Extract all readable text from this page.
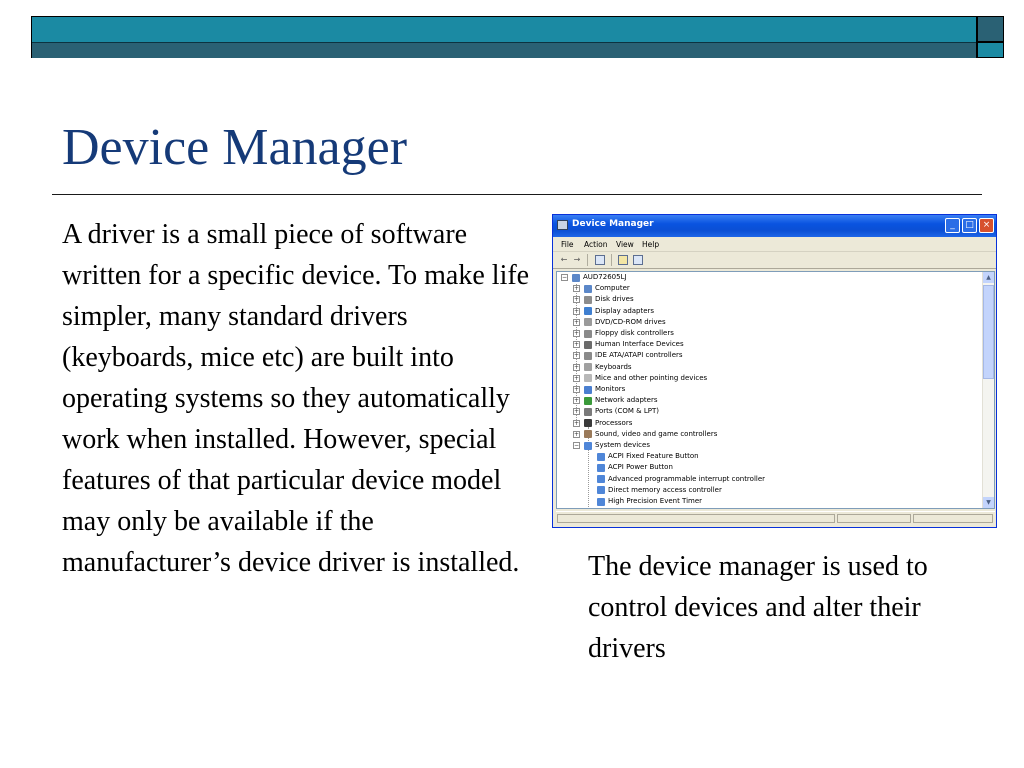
Device Manager

A driver is a small piece of software written for a specific device. To make life simpler, many standard drivers (keyboards, mice etc) are built into operating systems so they automatically work when installed. However, special features of that particular device model may only be available if the manufacturer’s device driver is installed.

Device Manager	_	□ ×
File Action View Help
← →
− AUD72605LJ
+ Computer
+ Disk drives
+ Display adapters
+ DVD/CD-ROM drives
+ Floppy disk controllers
+ Human Interface Devices
+ IDE ATA/ATAPI controllers
+ Keyboards
+ Mice and other pointing devices
+ Monitors
+ Network adapters
+ Ports (COM & LPT)
+ Processors
+ Sound, video and game controllers
− System devices
ACPI Fixed Feature Button
ACPI Power Button
Advanced programmable interrupt controller
Direct memory access controller
High Precision Event Timer
▲
▼

The device manager is used to control devices and alter their drivers
